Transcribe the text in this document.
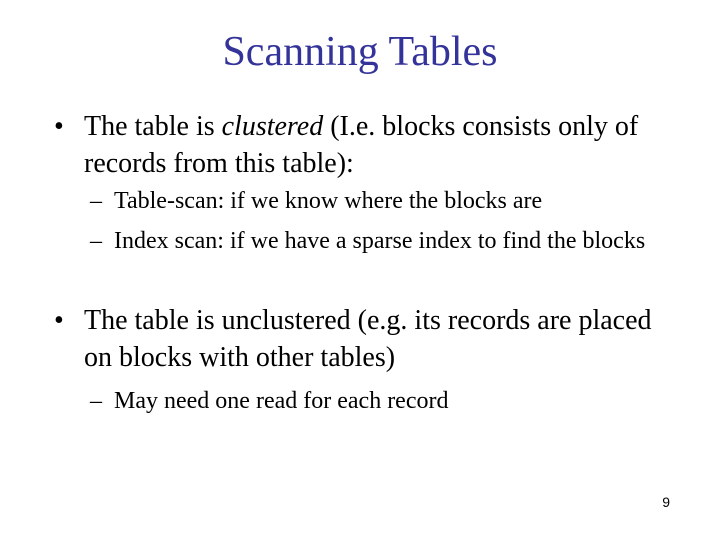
Scanning Tables
• The table is clustered (I.e. blocks consists only of records from this table):
– Table-scan: if we know where the blocks are
– Index scan: if we have a sparse index to find the blocks
• The table is unclustered (e.g. its records are placed on blocks with other tables)
– May need one read for each record
9
